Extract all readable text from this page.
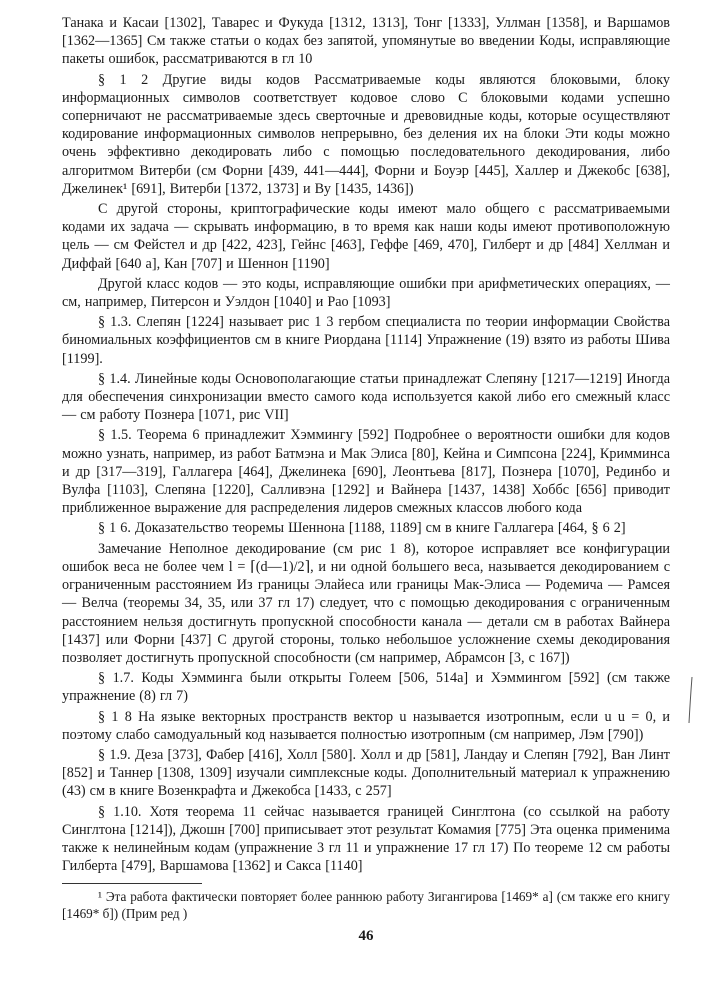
Танака и Касаи [1302], Таварес и Фукуда [1312, 1313], Тонг [1333], Уллман [1358], и Варшамов [1362—1365] См также статьи о кодах без запятой, упомянутые во введении Коды, исправляющие пакеты ошибок, рассматриваются в гл 10

§ 1 2 Другие виды кодов Рассматриваемые коды являются блоковыми, блоку информационных символов соответствует кодовое слово С блоковыми кодами успешно соперничают не рассматриваемые здесь сверточные и древовидные коды, которые осуществляют кодирование информационных символов непрерывно, без деления их на блоки Эти коды можно очень эффективно декодировать либо с помощью последовательного декодирования, либо алгоритмом Витерби (см Форни [439, 441—444], Форни и Боуэр [445], Халлер и Джекобс [638], Джелинек¹ [691], Витерби [1372, 1373] и Ву [1435, 1436])

С другой стороны, криптографические коды имеют мало общего с рассматриваемыми кодами их задача — скрывать информацию, в то время как наши коды имеют противоположную цель — см Фейстел и др [422, 423], Гейнс [463], Геффе [469, 470], Гилберт и др [484] Хеллман и Диффай [640 а], Кан [707] и Шеннон [1190]

Другой класс кодов — это коды, исправляющие ошибки при арифметических операциях, — см, например, Питерсон и Уэлдон [1040] и Рао [1093]

§ 1.3. Слепян [1224] называет рис 1 3 гербом специалиста по теории информации Свойства биномиальных коэффициентов см в книге Риордана [1114] Упражнение (19) взято из работы Шива [1199].

§ 1.4. Линейные коды Основополагающие статьи принадлежат Слепяну [1217—1219] Иногда для обеспечения синхронизации вместо самого кода используется какой либо его смежный класс — см работу Познера [1071, рис VII]

§ 1.5. Теорема 6 принадлежит Хэммингу [592] Подробнее о вероятности ошибки для кодов можно узнать, например, из работ Батмэна и Мак Элиса [80], Кейна и Симпсона [224], Кримминса и др [317—319], Галлагера [464], Джелинека [690], Леонтьева [817], Познера [1070], Рединбо и Вулфа [1103], Слепяна [1220], Салливэна [1292] и Вайнера [1437, 1438] Хоббс [656] приводит приближенное выражение для распределения лидеров смежных классов любого кода

§ 1 6. Доказательство теоремы Шеннона [1188, 1189] см в книге Галлагера [464, § 6 2]

Замечание Неполное декодирование (см рис 1 8), которое исправляет все конфигурации ошибок веса не более чем l = ⌈(d—1)/2⌉, и ни одной большего веса, называется декодированием с ограниченным расстоянием Из границы Элайеса или границы Мак-Элиса — Родемича — Рамсея — Велча (теоремы 34, 35, или 37 гл 17) следует, что с помощью декодирования с ограниченным расстоянием нельзя достигнуть пропускной способности канала — детали см в работах Вайнера [1437] или Форни [437] С другой стороны, только небольшое усложнение схемы декодирования позволяет достигнуть пропускной способности (см например, Абрамсон [3, с 167])

§ 1.7. Коды Хэмминга были открыты Голеем [506, 514а] и Хэммингом [592] (см также упражнение (8) гл 7)

§ 1 8 На языке векторных пространств вектор u называется изотропным, если u u = 0, и поэтому слабо самодуальный код называется полностью изотропным (см например, Лэм [790])

§ 1.9. Деза [373], Фабер [416], Холл [580]. Холл и др [581], Ландау и Слепян [792], Ван Линт [852] и Таннер [1308, 1309] изучали симплексные коды. Дополнительный материал к упражнению (43) см в книге Возенкрафта и Джекобса [1433, с 257]

§ 1.10. Хотя теорема 11 сейчас называется границей Синглтона (со ссылкой на работу Синглтона [1214]), Джошн [700] приписывает этот результат Комамия [775] Эта оценка применима также к нелинейным кодам (упражнение 3 гл 11 и упражнение 17 гл 17) По теореме 12 см работы Гилберта [479], Варшамова [1362] и Сакса [1140]

¹ Эта работа фактически повторяет более раннюю работу Зигангирова [1469* а] (см также его книгу [1469* б]) (Прим ред )

46
